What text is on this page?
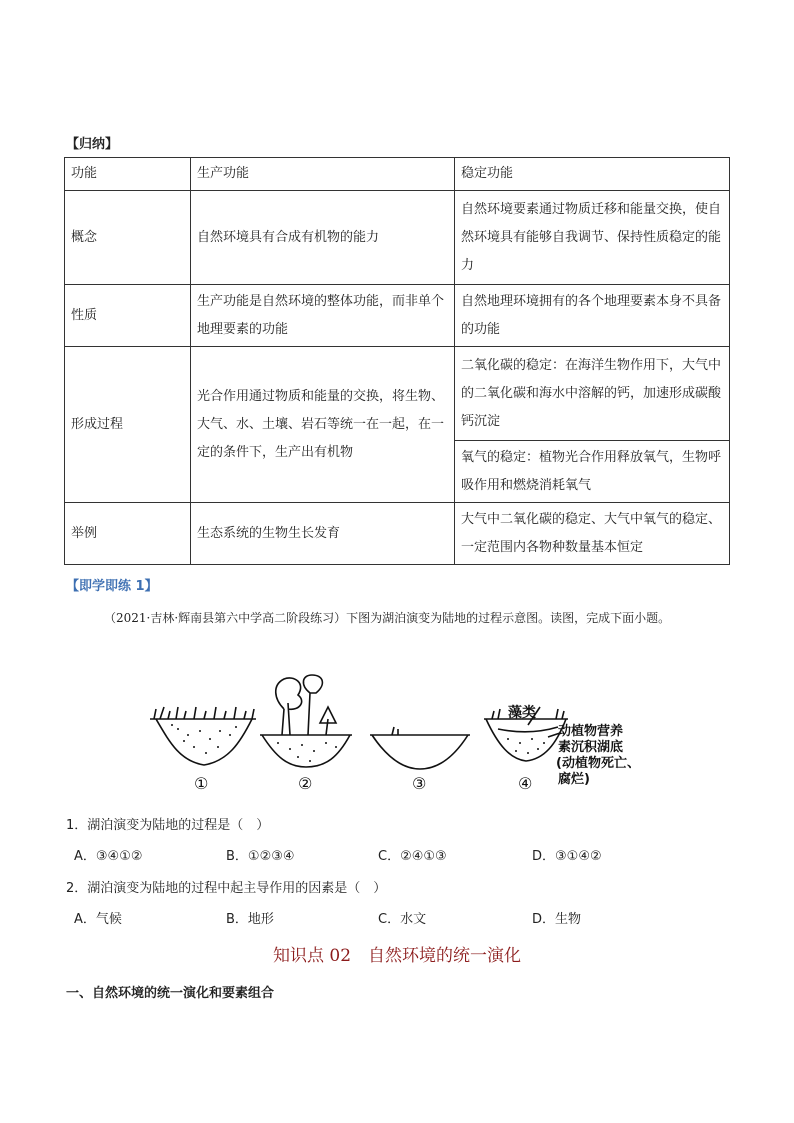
【归纳】
功能	生产功能	稳定功能
概念	自然环境具有合成有机物的能力	自然环境要素通过物质迁移和能量交换，使自然环境具有能够自我调节、保持性质稳定的能力
性质	生产功能是自然环境的整体功能，而非单个地理要素的功能	自然地理环境拥有的各个地理要素本身不具备的功能
形成过程	光合作用通过物质和能量的交换，将生物、大气、水、土壤、岩石等统一在一起，在一定的条件下，生产出有机物	二氧化碳的稳定：在海洋生物作用下，大气中的二氧化碳和海水中溶解的钙，加速形成碳酸钙沉淀
		氧气的稳定：植物光合作用释放氧气，生物呼吸作用和燃烧消耗氧气
举例	生态系统的生物生长发育	大气中二氧化碳的稳定、大气中氧气的稳定、一定范围内各物种数量基本恒定
【即学即练 1】
（2021·吉林·辉南县第六中学高二阶段练习）下图为湖泊演变为陆地的过程示意图。读图，完成下面小题。
①	②	③	④
藻类
动植物营养
素沉积湖底
(动植物死亡、
腐烂)
1．湖泊演变为陆地的过程是（　）
A．③④①②	B．①②③④	C．②④①③	D．③①④②
2．湖泊演变为陆地的过程中起主导作用的因素是（　）
A．气候	B．地形	C．水文	D．生物
知识点 02　自然环境的统一演化
一、自然环境的统一演化和要素组合
